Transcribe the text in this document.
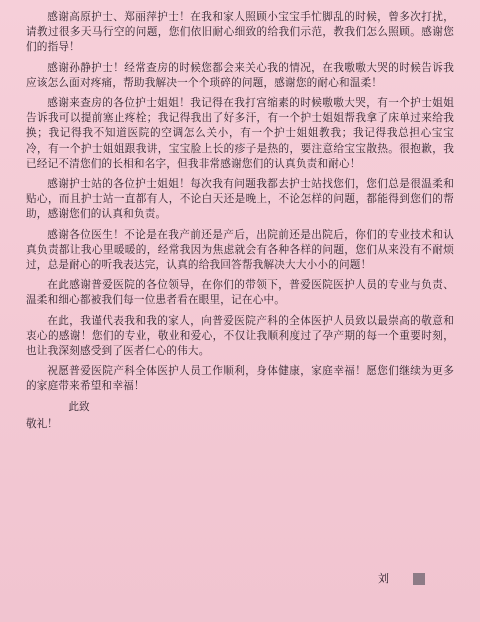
感谢高原护士、郑丽萍护士！在我和家人照顾小宝宝手忙脚乱的时候，曾多次打扰，请教过很多天马行空的问题，您们依旧耐心细致的给我们示范，教我们怎么照顾。感谢您们的指导！

感谢孙静护士！经常查房的时候您都会来关心我的情况，在我嗷嗷大哭的时候告诉我应该怎么面对疼痛，帮助我解决一个个琐碎的问题，感谢您的耐心和温柔！

感谢来查房的各位护士姐姐！我记得在我打宫缩素的时候嗷嗷大哭，有一个护士姐姐告诉我可以提前塞止疼栓；我记得我出了好多汗，有一个护士姐姐帮我拿了床单过来给我换；我记得我不知道医院的空调怎么关小，有一个护士姐姐教我；我记得我总担心宝宝冷，有一个护士姐姐跟我讲，宝宝脸上长的疹子是热的，要注意给宝宝散热。很抱歉，我已经记不清您们的长相和名字，但我非常感谢您们的认真负责和耐心！

感谢护士站的各位护士姐姐！每次我有问题我都去护士站找您们，您们总是很温柔和贴心，而且护士站一直都有人，不论白天还是晚上，不论怎样的问题，都能得到您们的帮助，感谢您们的认真和负责。

感谢各位医生！不论是在我产前还是产后，出院前还是出院后，你们的专业技术和认真负责都让我心里暖暖的，经常我因为焦虑就会有各种各样的问题，您们从来没有不耐烦过，总是耐心的听我表达完，认真的给我回答帮我解决大大小小的问题！

在此感谢普爱医院的各位领导，在你们的带领下，普爱医院医护人员的专业与负责、温柔和细心都被我们每一位患者看在眼里，记在心中。

在此，我谨代表我和我的家人，向普爱医院产科的全体医护人员致以最崇高的敬意和衷心的感谢！您们的专业，敬业和爱心，不仅让我顺利度过了孕产期的每一个重要时刻，也让我深刻感受到了医者仁心的伟大。

祝愿普爱医院产科全体医护人员工作顺利，身体健康，家庭幸福！愿您们继续为更多的家庭带来希望和幸福！

此致

敬礼！

刘
